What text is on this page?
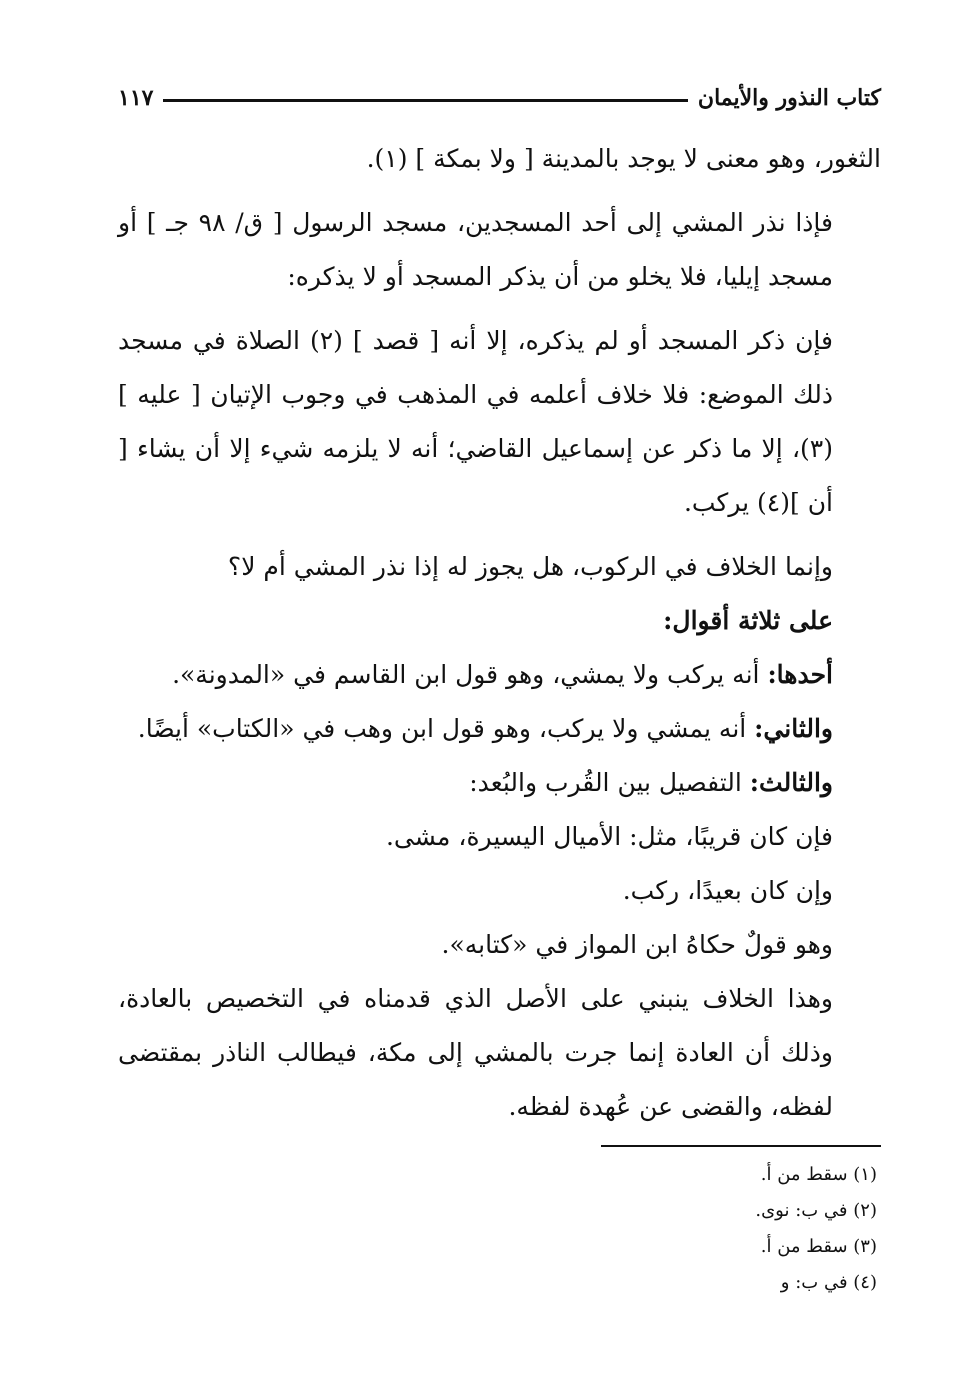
كتاب النذور والأيمان
١١٧

الثغور، وهو معنى لا يوجد بالمدينة [ ولا بمكة ] (١).

فإذا نذر المشي إلى أحد المسجدين، مسجد الرسول [ ق/ ٩٨ جـ ] أو مسجد إيليا، فلا يخلو من أن يذكر المسجد أو لا يذكره:

فإن ذكر المسجد أو لم يذكره، إلا أنه [ قصد ] (٢) الصلاة في مسجد ذلك الموضع: فلا خلاف أعلمه في المذهب في وجوب الإتيان [ عليه ](٣)، إلا ما ذكر عن إسماعيل القاضي؛ أنه لا يلزمه شيء إلا أن يشاء [ أن ](٤) يركب.

وإنما الخلاف في الركوب، هل يجوز له إذا نذر المشي أم لا؟

على ثلاثة أقوال:

أحدها: أنه يركب ولا يمشي، وهو قول ابن القاسم في «المدونة».

والثاني: أنه يمشي ولا يركب، وهو قول ابن وهب في «الكتاب» أيضًا.

والثالث: التفصيل بين القُرب والبُعد:

فإن كان قريبًا، مثل: الأميال اليسيرة، مشى.

وإن كان بعيدًا، ركب.

وهو قولٌ حكاهُ ابن المواز في «كتابه».

وهذا الخلاف ينبني على الأصل الذي قدمناه في التخصيص بالعادة، وذلك أن العادة إنما جرت بالمشي إلى مكة، فيطالب الناذر بمقتضى لفظه، والقضى عن عُهدة لفظه.

(١) سقط من أ.
(٢) في ب: نوى.
(٣) سقط من أ.
(٤) في ب: و
